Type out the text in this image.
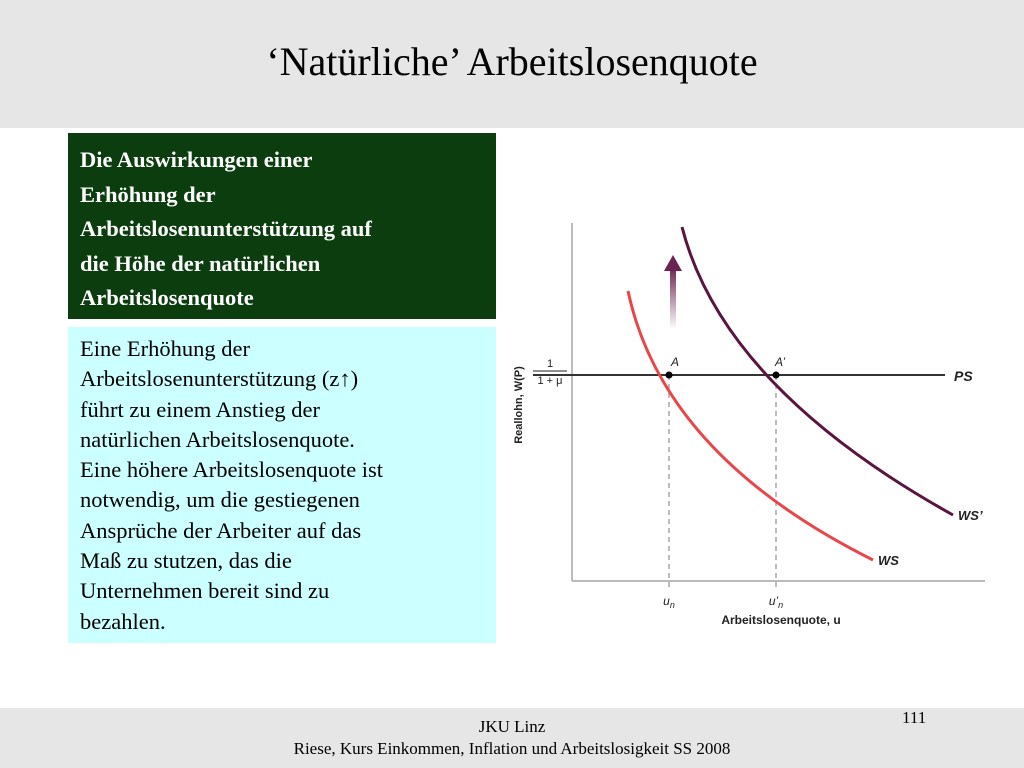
‘Natürliche’ Arbeitslosenquote
Die Auswirkungen einer
Erhöhung der
Arbeitslosenunterstützung auf
die Höhe der natürlichen
Arbeitslosenquote
Eine Erhöhung der
Arbeitslosenunterstützung (z↑)
führt zu einem Anstieg der
natürlichen Arbeitslosenquote.
Eine höhere Arbeitslosenquote ist
notwendig, um die gestiegenen
Ansprüche der Arbeiter auf das
Maß zu stutzen, das die
Unternehmen bereit sind zu
bezahlen.
A	A’
PS
WS’
WS
1
1 + μ
Reallohn, W(P)
$u_n$	$u’_n$
Arbeitslosenquote, u
JKU Linz
Riese, Kurs Einkommen, Inflation und Arbeitslosigkeit SS 2008
111
